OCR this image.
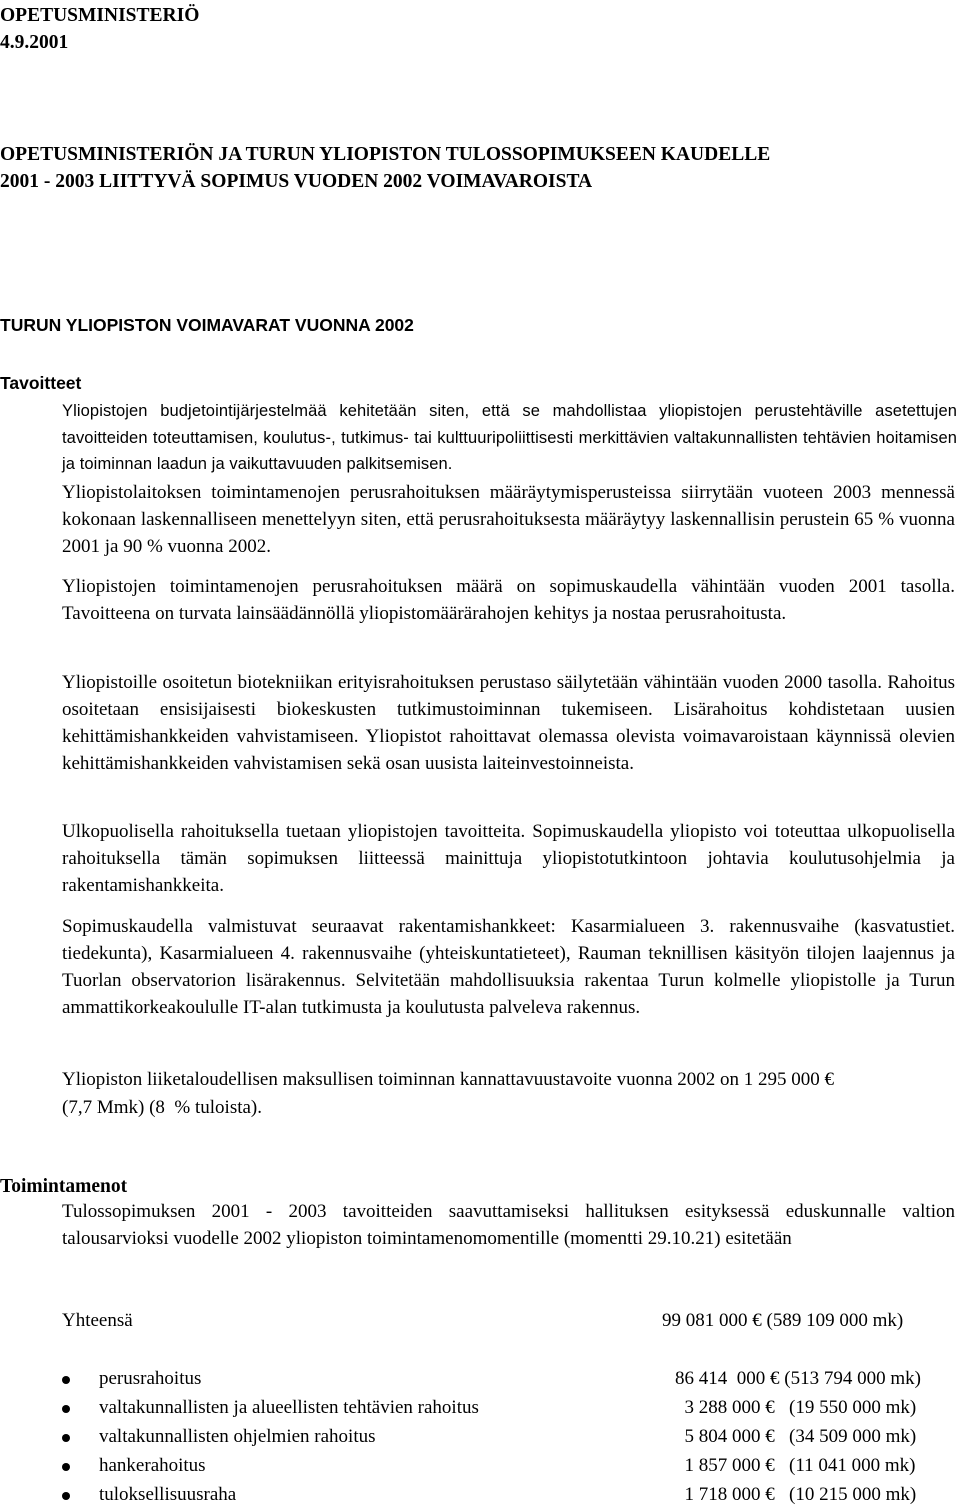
OPETUSMINISTERIÖ
4.9.2001
OPETUSMINISTERIÖN JA TURUN YLIOPISTON TULOSSOPIMUKSEEN KAUDELLE
2001 - 2003 LIITTYVÄ SOPIMUS VUODEN 2002 VOIMAVAROISTA
TURUN YLIOPISTON VOIMAVARAT VUONNA 2002
Tavoitteet
Yliopistojen budjetointijärjestelmää kehitetään siten, että se mahdollistaa yliopistojen perustehtäville asetettujen tavoitteiden toteuttamisen, koulutus-, tutkimus- tai kulttuuripoliittisesti merkittävien valtakunnallisten tehtävien hoitamisen ja toiminnan laadun ja vaikuttavuuden palkitsemisen.
Yliopistolaitoksen toimintamenojen perusrahoituksen määräytymisperusteissa siirrytään vuoteen 2003 mennessä kokonaan laskennalliseen menettelyyn siten, että perusrahoituksesta määräytyy laskennallisin perustein 65 % vuonna 2001 ja 90 % vuonna 2002.
Yliopistojen toimintamenojen perusrahoituksen määrä on sopimuskaudella vähintään vuoden 2001 tasolla. Tavoitteena on turvata lainsäädännöllä yliopistomäärärahojen kehitys ja nostaa perusrahoitusta.
Yliopistoille osoitetun biotekniikan erityisrahoituksen perustaso säilytetään vähintään vuoden 2000 tasolla. Rahoitus osoitetaan ensisijaisesti biokeskusten tutkimustoiminnan tukemiseen. Lisärahoitus kohdistetaan uusien kehittämishankkeiden vahvistamiseen. Yliopistot rahoittavat olemassa olevista voimavaroistaan käynnissä olevien kehittämishankkeiden vahvistamisen sekä osan uusista laiteinvestoinneista.
Ulkopuolisella rahoituksella tuetaan yliopistojen tavoitteita. Sopimuskaudella yliopisto voi toteuttaa ulkopuolisella rahoituksella tämän sopimuksen liitteessä mainittuja yliopistotutkintoon johtavia koulutusohjelmia ja rakentamishankkeita.
Sopimuskaudella valmistuvat seuraavat rakentamishankkeet: Kasarmialueen 3. rakennusvaihe (kasvatustiet. tiedekunta), Kasarmialueen 4. rakennusvaihe (yhteiskuntatieteet), Rauman teknillisen käsityön tilojen laajennus ja Tuorlan observatorion lisärakennus. Selvitetään mahdollisuuksia rakentaa Turun kolmelle yliopistolle ja Turun ammattikorkeakoululle IT-alan tutkimusta ja koulutusta palveleva rakennus.
Yliopiston liiketaloudellisen maksullisen toiminnan kannattavuustavoite vuonna 2002 on 1 295 000 €
(7,7 Mmk) (8  % tuloista).
Toimintamenot
Tulossopimuksen 2001 - 2003 tavoitteiden saavuttamiseksi hallituksen esityksessä eduskunnalle valtion talousarvioksi vuodelle 2002 yliopiston toimintamenomomentille (momentti 29.10.21) esitetään
Yhteensä	99 081 000 € (589 109 000 mk)
perusrahoitus	86 414  000 € (513 794 000 mk)
valtakunnallisten ja alueellisten tehtävien rahoitus	3 288 000 €   (19 550 000 mk)
valtakunnallisten ohjelmien rahoitus	5 804 000 €   (34 509 000 mk)
hankerahoitus	1 857 000 €   (11 041 000 mk)
tuloksellisuusraha	1 718 000 €   (10 215 000 mk)
